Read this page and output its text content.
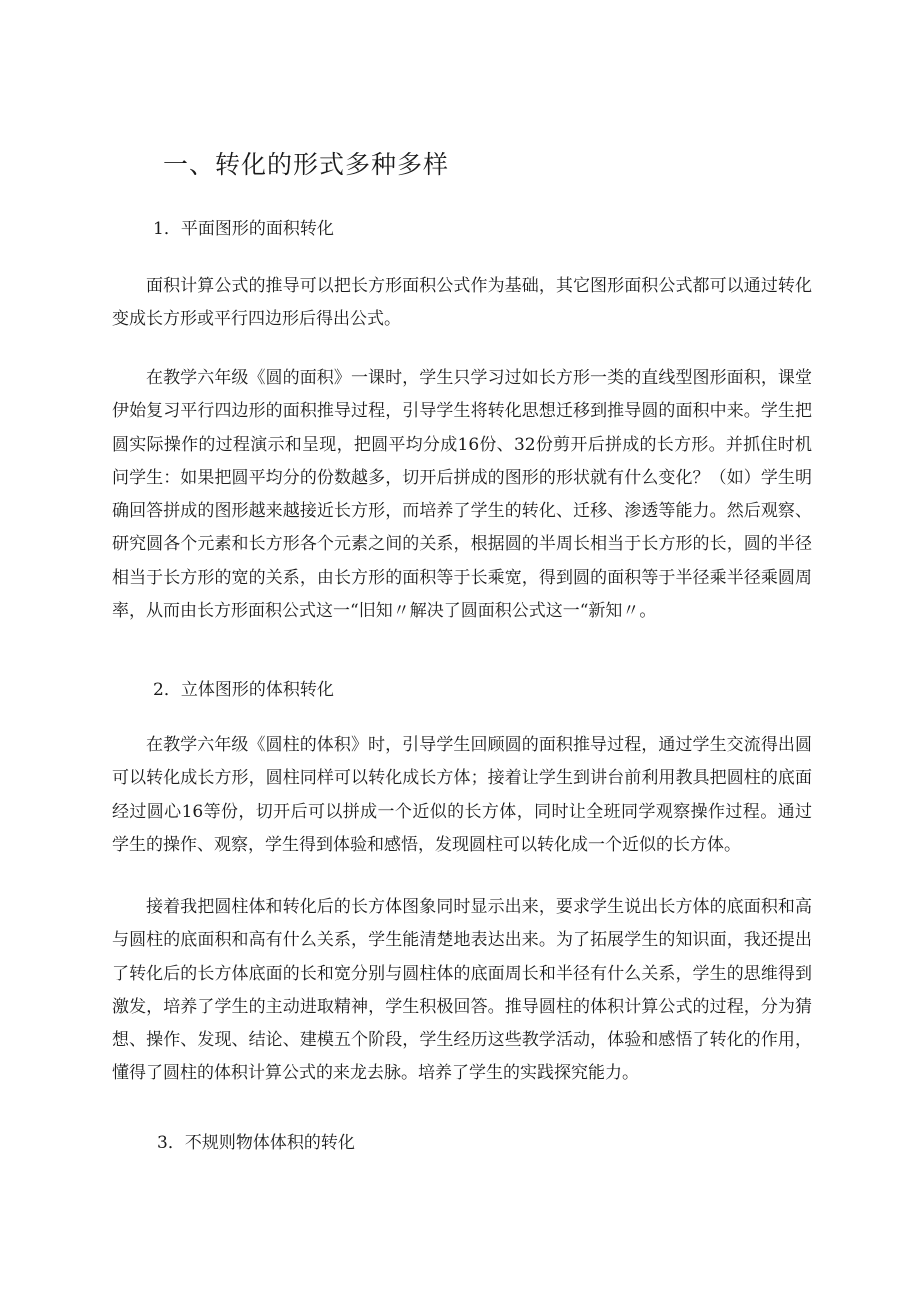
一、转化的形式多种多样
1．平面图形的面积转化

面积计算公式的推导可以把长方形面积公式作为基础，其它图形面积公式都可以通过转化变成长方形或平行四边形后得出公式。

在教学六年级《圆的面积》一课时，学生只学习过如长方形一类的直线型图形面积，课堂伊始复习平行四边形的面积推导过程，引导学生将转化思想迁移到推导圆的面积中来。学生把圆实际操作的过程演示和呈现，把圆平均分成16份、32份剪开后拼成的长方形。并抓住时机问学生：如果把圆平均分的份数越多，切开后拼成的图形的形状就有什么变化？（如）学生明确回答拼成的图形越来越接近长方形，而培养了学生的转化、迁移、渗透等能力。然后观察、研究圆各个元素和长方形各个元素之间的关系，根据圆的半周长相当于长方形的长，圆的半径相当于长方形的宽的关系，由长方形的面积等于长乘宽，得到圆的面积等于半径乘半径乘圆周率，从而由长方形面积公式这一“旧知〃解决了圆面积公式这一“新知〃。

2．立体图形的体积转化

在教学六年级《圆柱的体积》时，引导学生回顾圆的面积推导过程，通过学生交流得出圆可以转化成长方形，圆柱同样可以转化成长方体；接着让学生到讲台前利用教具把圆柱的底面经过圆心16等份，切开后可以拼成一个近似的长方体，同时让全班同学观察操作过程。通过学生的操作、观察，学生得到体验和感悟，发现圆柱可以转化成一个近似的长方体。

接着我把圆柱体和转化后的长方体图象同时显示出来，要求学生说出长方体的底面积和高与圆柱的底面积和高有什么关系，学生能清楚地表达出来。为了拓展学生的知识面，我还提出了转化后的长方体底面的长和宽分别与圆柱体的底面周长和半径有什么关系，学生的思维得到激发，培养了学生的主动进取精神，学生积极回答。推导圆柱的体积计算公式的过程，分为猜想、操作、发现、结论、建模五个阶段，学生经历这些教学活动，体验和感悟了转化的作用，懂得了圆柱的体积计算公式的来龙去脉。培养了学生的实践探究能力。

3．不规则物体体积的转化
